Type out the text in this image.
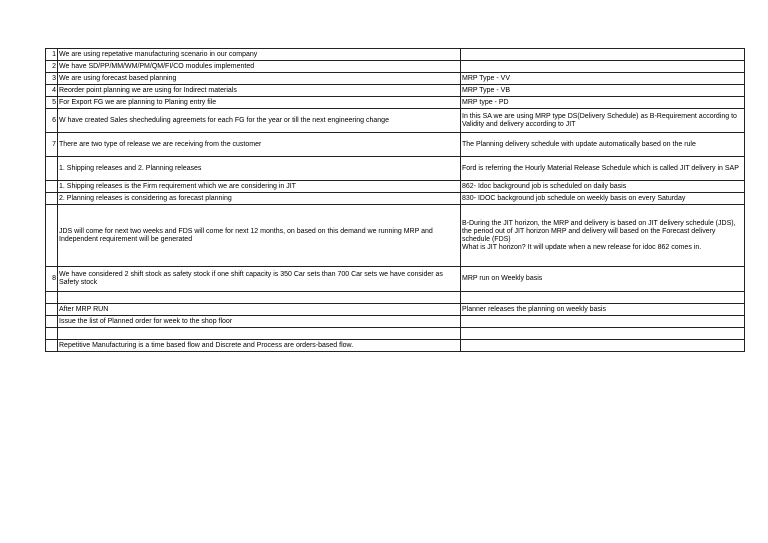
1	We are using repetative manufacturing scenario in our company	
2	We have SD/PP/MM/WM/PM/QM/FI/CO modules implemented	
3	We are using forecast based planning	MRP Type - VV
4	Reorder point planning we are using for Indirect materials	MRP Type - VB
5	For Export FG we are planning to Planing entry file	MRP type - PD
6	W have created Sales shecheduling agreemets for each FG for the year or till the next engineering change	In this SA we are using MRP type DS(Delivery Schedule) as B-Requirement according to Validity and delivery according to JIT
7	There are two type of release we are receiving from the customer	The Planning delivery schedule with update automatically based on the rule
	1. Shipping releases and 2. Planning releases	Ford is referring the Hourly Material Release Schedule which is called JIT delivery in SAP
	1. Shipping releases is the Firm requirement which we are considering in JIT	862- Idoc background job is scheduled on daily basis
	2. Planning releases is considering as forecast planning	830- IDOC background job schedule on weekly basis on every Saturday
	JDS will come for next two weeks and FDS will come for next 12 months, on based on this demand we running MRP and Independent requirement will be generated	B-During the JIT horizon, the MRP and delivery is based on JIT delivery schedule (JDS), the period out of JIT horizon MRP and delivery will based on the Forecast delivery schedule (FDS)
What is JIT horizon? It will update when a new release for idoc 862 comes in.
8	We have considered 2 shift stock as safety stock if one shift capacity is 350 Car sets than 700 Car sets we have consider as Safety stock	MRP run on Weekly basis

	After MRP RUN	Planner releases the planning on weekly basis
	Issue the list of Planned order for week to the shop floor	

	Repetitive Manufacturing is a time based flow and Discrete and Process are orders-based flow.	
